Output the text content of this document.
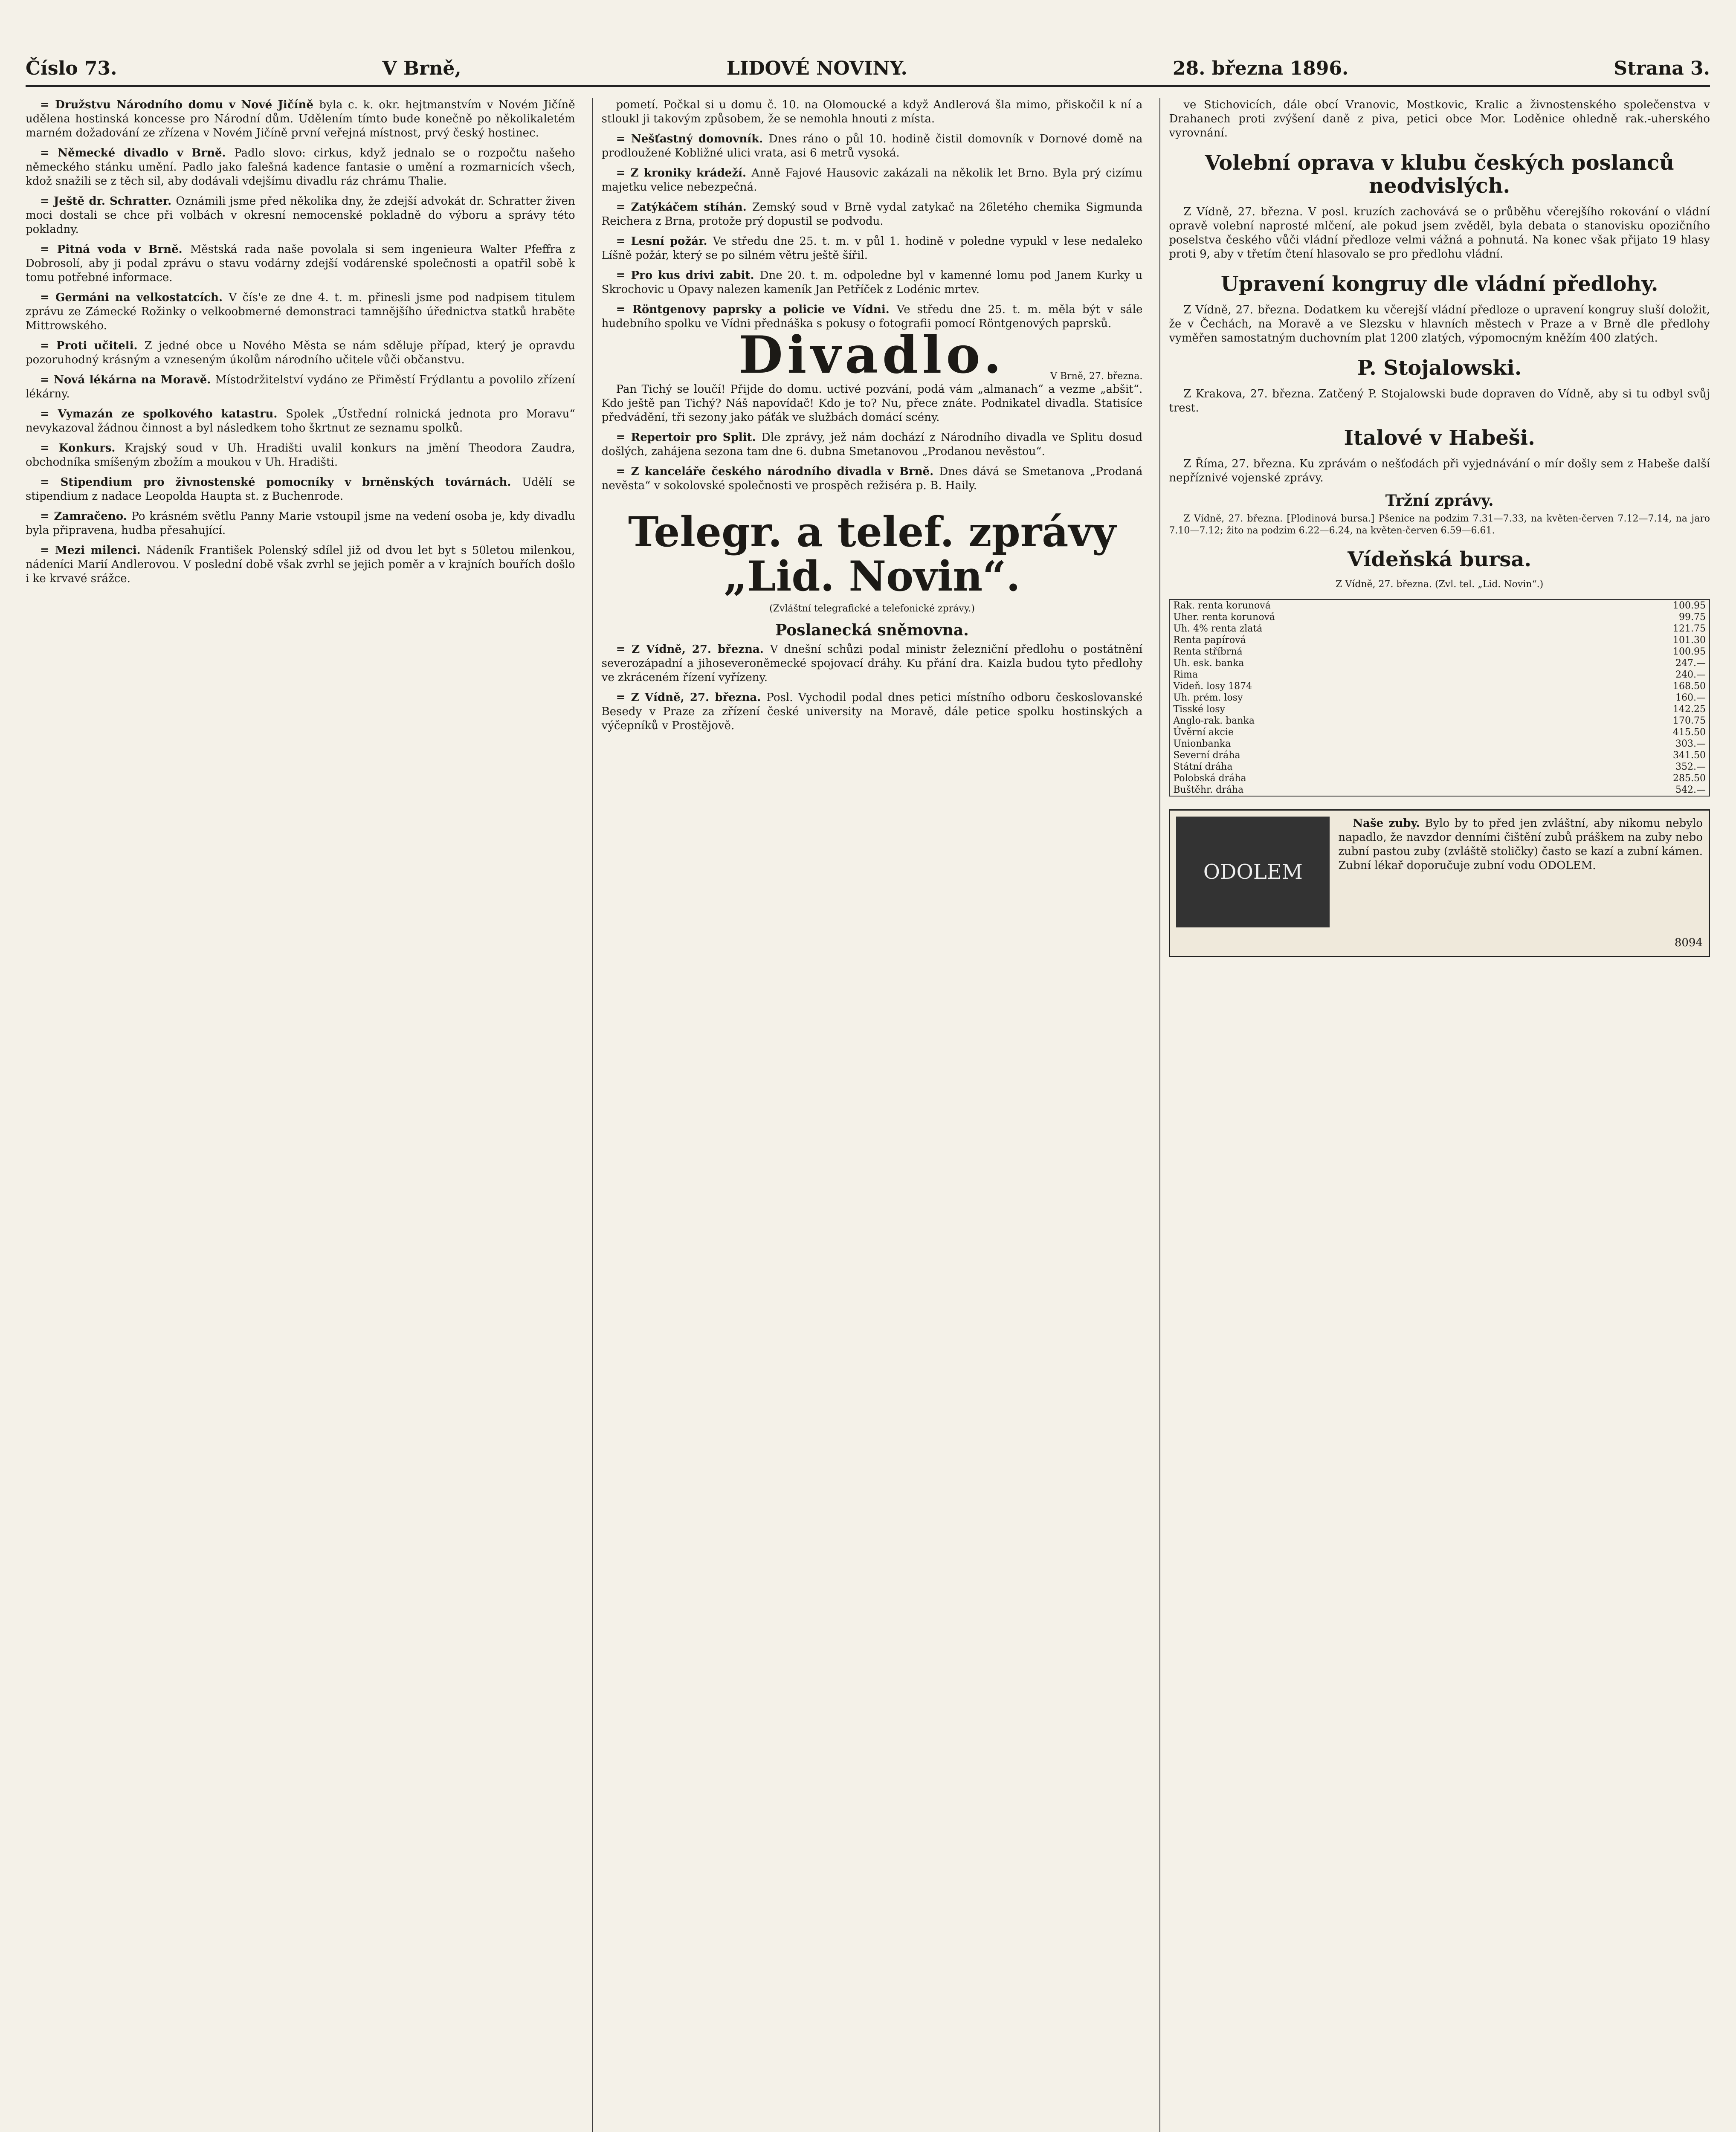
Číslo 73.	V Brně,	LIDOVÉ NOVINY.	28. března 1896.	Strana 3.
= Družstvu Národního domu v Nové Jičíně byla c. k. okr. hejtmanstvím v Novém Jičíně udělena hostinská koncesse pro Národní dům. Udělením tímto bude konečně po několikaletém marném dožadování ze zřízena v Novém Jičíně první veřejná místnost, prvý český hostinec.
= Německé divadlo v Brně. Padlo slovo: cirkus, když jednalo se o rozpočtu našeho německého stánku umění. Padlo jako falešná kadence fantasie o umění a rozmarnicích všech, kdož snažili se z těch sil, aby dodávali vdejšímu divadlu ráz chrámu Thalie.
= Ještě dr. Schratter. Oznámili jsme před několika dny, že zdejší advokát dr. Schratter živen moci dostali se chce při volbách v okresní nemocenské pokladně do výboru a správy této pokladny.
= Pitná voda v Brně. Městská rada naše povolala si sem ingenieura Walter Pfeffra z Dobrosolí, aby ji podal zprávu o stavu vodárny zdejší vodárenské společnosti a opatřil sobě k tomu potřebné informace.
= Germáni na velkostatcích. V čís'e ze dne 4. t. m. přinesli jsme pod nadpisem titulem zprávu ze Zámecké Rožinky o velkoobmerné demonstraci tamnějšího úřednictva statků hraběte Mittrowského.
= Proti učiteli. Z jedné obce u Nového Města se nám sděluje případ, který je opravdu pozoruhodný krásným a vzneseným úkolům národního učitele vůči občanstvu.
= Nová lékárna na Moravě. Místodržitelství vydáno ze Přiměstí Frýdlantu a povolilo zřízení lékárny.
= Vymazán ze spolkového katastru. Spolek „Ústřední rolnická jednota pro Moravu“ nevykazoval žádnou činnost a byl následkem toho škrtnut ze seznamu spolků.
= Konkurs. Krajský soud v Uh. Hradišti uvalil konkurs na jmění Theodora Zaudra, obchodníka smíšeným zbožím a moukou v Uh. Hradišti.
= Stipendium pro živnostenské pomocníky v brněnských továrnách. Udělí se stipendium z nadace Leopolda Haupta st. z Buchenrode.
= Zamračeno. Po krásném světlu Panny Marie vstoupil jsme na vedení osoba je, kdy divadlu byla připravena, hudba přesahující.
= Mezi milenci. Nádeník František Polenský sdílel již od dvou let byt s 50letou milenkou, nádeníci Marií Andlerovou. V poslední době však zvrhl se jejich poměr a v krajních bouřích došlo i ke krvavé srážce.
pometí. Počkal si u domu č. 10. na Olomoucké a když Andlerová šla mimo, přiskočil k ní a stloukl ji takovým způsobem, že se nemohla hnouti z místa.
= Nešťastný domovník. Dnes ráno o půl 10. hodině čistil domovník v Dornové domě na prodloužené Kobližné ulici vrata, asi 6 metrů vysoká.
= Z kroniky krádeží. Anně Fajové Hausovic zakázali na několik let Brno. Byla prý cizímu majetku velice nebezpečná.
= Zatýkáčem stíhán. Zemský soud v Brně vydal zatykač na 26letého chemika Sigmunda Reichera z Brna, protože prý dopustil se podvodu.
= Lesní požár. Ve středu dne 25. t. m. v půl 1. hodině v poledne vypukl v lese nedaleko Líšně požár, který se po silném větru ještě šířil.
= Pro kus drivi zabit. Dne 20. t. m. odpoledne byl v kamenné lomu pod Janem Kurky u Skrochovic u Opavy nalezen kameník Jan Petříček z Lodénic mrtev.
= Röntgenovy paprsky a policie ve Vídni. Ve středu dne 25. t. m. měla být v sále hudebního spolku ve Vídni přednáška s pokusy o fotografii pomocí Röntgenových paprsků.
Divadlo.	V Brně, 27. března.
Pan Tichý se loučí! Přijde do domu. uctivé pozvání, podá vám „almanach“ a vezme „abšit“. Kdo ještě pan Tichý? Náš napovídač! Kdo je to? Nu, přece znáte. Podnikatel divadla. Statisíce předvádění, tři sezony jako páťák ve službách domácí scény.
= Repertoir pro Split. Dle zprávy, jež nám dochází z Národního divadla ve Splitu dosud došlých, zahájena sezona tam dne 6. dubna Smetanovou „Prodanou nevěstou“.
= Z kanceláře českého národního divadla v Brně. Dnes dává se Smetanova „Prodaná nevěsta“ v sokolovské společnosti ve prospěch režiséra p. B. Haily.
Telegr. a telef. zprávy „Lid. Novin“.
(Zvláštní telegrafické a telefonické zprávy.)
Poslanecká sněmovna.
= Z Vídně, 27. března. V dnešní schůzi podal ministr železniční předlohu o postátnění severozápadní a jihoseveroněmecké spojovací dráhy. Ku přání dra. Kaizla budou tyto předlohy ve zkráceném řízení vyřízeny.
= Z Vídně, 27. března. Posl. Vychodil podal dnes petici místního odboru českoslovanské Besedy v Praze za zřízení české university na Moravě, dále petice spolku hostinských a výčepníků v Prostějově.
ve Stichovicích, dále obcí Vranovic, Mostkovic, Kralic a živnostenského společenstva v Drahanech proti zvýšení daně z piva, petici obce Mor. Loděnice ohledně rak.-uherského vyrovnání.
Volební oprava v klubu českých poslanců neodvislých.
Z Vídně, 27. března. V posl. kruzích zachovává se o průběhu včerejšího rokování o vládní opravě volební naprosté mlčení, ale pokud jsem zvěděl, byla debata o stanovisku opozičního poselstva českého vůči vládní předloze velmi vážná a pohnutá. Na konec však přijato 19 hlasy proti 9, aby v třetím čtení hlasovalo se pro předlohu vládní.
Upravení kongruy dle vládní předlohy.
Z Vídně, 27. března. Dodatkem ku včerejší vládní předloze o upravení kongruy sluší doložit, že v Čechách, na Moravě a ve Slezsku v hlavních městech v Praze a v Brně dle předlohy vyměřen samostatným duchovním plat 1200 zlatých, výpomocným kněžím 400 zlatých.
P. Stojalowski.
Z Krakova, 27. března. Zatčený P. Stojalowski bude dopraven do Vídně, aby si tu odbyl svůj trest.
Italové v Habeši.
Z Říma, 27. března. Ku zprávám o nešťodách při vyjednávání o mír došly sem z Habeše další nepříznivé vojenské zprávy.
Tržní zprávy.
Z Vídně, 27. března. [Plodinová bursa.] Pšenice na podzim 7.31—7.33, na květen-červen 7.12—7.14, na jaro 7.10—7.12; žito na podzim 6.22—6.24, na květen-červen 6.59—6.61.
Vídeňská bursa.
Z Vídně, 27. března. (Zvl. tel. „Lid. Novin“.)
Rak. renta korunová	100.95
Uher. renta korunová	99.75
Uh. 4% renta zlatá	121.75
Renta papírová	101.30
Renta stříbrná	100.95
Uh. esk. banka	247.—
Rima	240.—
Videň. losy 1874	168.50
Uh. prém. losy	160.—
Tisské losy	142.25
Anglo-rak. banka	170.75
Úvěrní akcie	415.50
Unionbanka	303.—
Severní dráha	341.50
Státní dráha	352.—
Polobská dráha	285.50
Buštěhr. dráha	542.—
ODOLEM
Naše zuby. Bylo by to před jen zvláštní, aby nikomu nebylo napadlo, že navzdor denními čištění zubů práškem na zuby nebo zubní pastou zuby (zvláště stoličky) často se kazí a zubní kámen. Zubní lékař doporučuje zubní vodu ODOLEM.
8094
